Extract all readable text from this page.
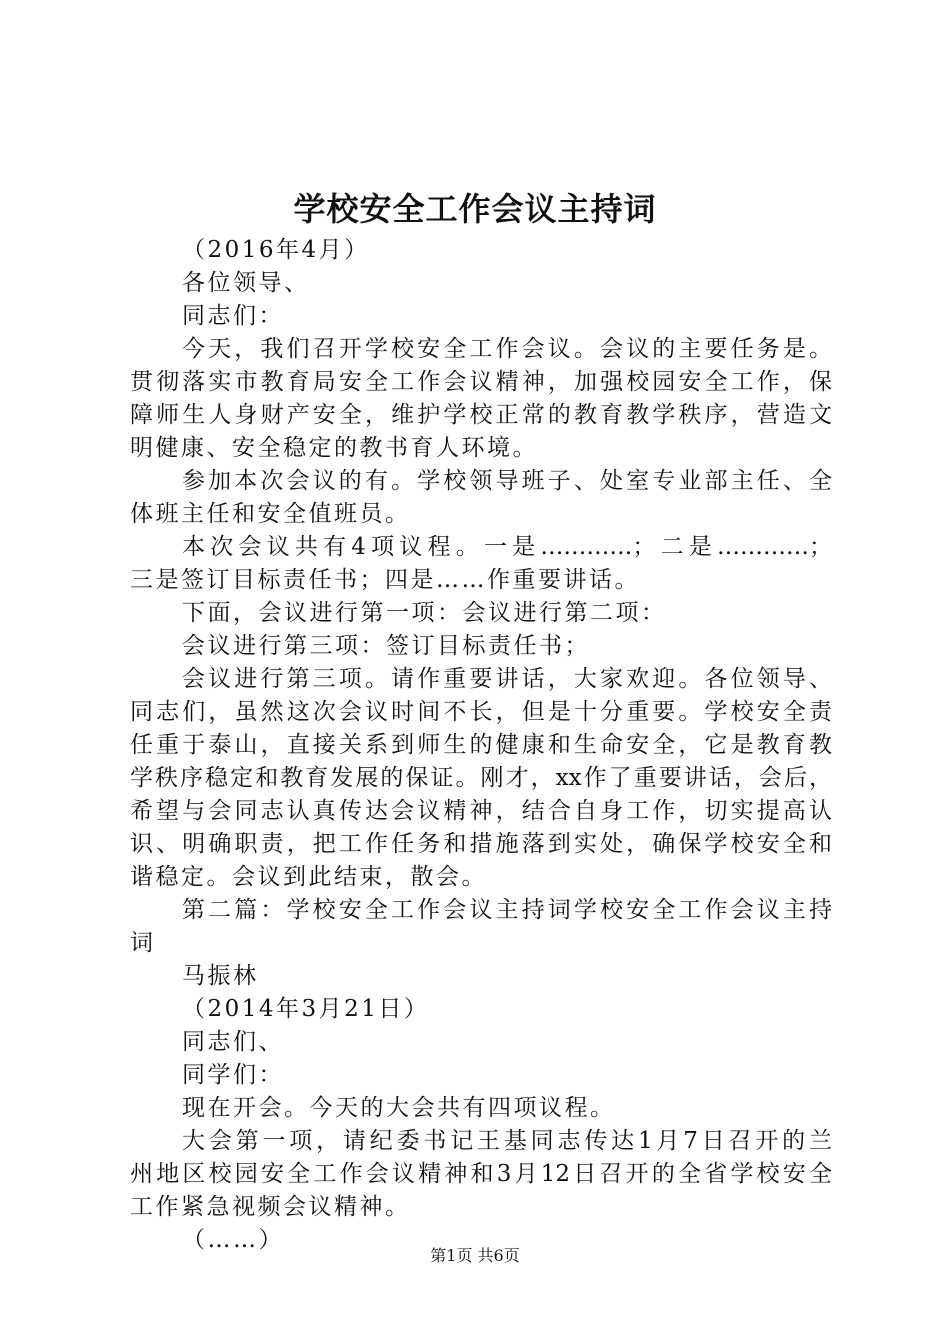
学校安全工作会议主持词
（2016年4月）
各位领导、
同志们：
今天，我们召开学校安全工作会议。会议的主要任务是。
贯彻落实市教育局安全工作会议精神，加强校园安全工作，保
障师生人身财产安全，维护学校正常的教育教学秩序，营造文
明健康、安全稳定的教书育人环境。
参加本次会议的有。学校领导班子、处室专业部主任、全
体班主任和安全值班员。
本次会议共有4项议程。一是…………；二是…………；
三是签订目标责任书；四是……作重要讲话。
下面，会议进行第一项：会议进行第二项：
会议进行第三项：签订目标责任书；
会议进行第三项。请作重要讲话，大家欢迎。各位领导、
同志们，虽然这次会议时间不长，但是十分重要。学校安全责
任重于泰山，直接关系到师生的健康和生命安全，它是教育教
学秩序稳定和教育发展的保证。刚才，xx作了重要讲话，会后，
希望与会同志认真传达会议精神，结合自身工作，切实提高认
识、明确职责，把工作任务和措施落到实处，确保学校安全和
谐稳定。会议到此结束，散会。
第二篇：学校安全工作会议主持词学校安全工作会议主持
词
马振林
（2014年3月21日）
同志们、
同学们：
现在开会。今天的大会共有四项议程。
大会第一项，请纪委书记王基同志传达1月7日召开的兰
州地区校园安全工作会议精神和3月12日召开的全省学校安全
工作紧急视频会议精神。
（……）
第1页 共6页
